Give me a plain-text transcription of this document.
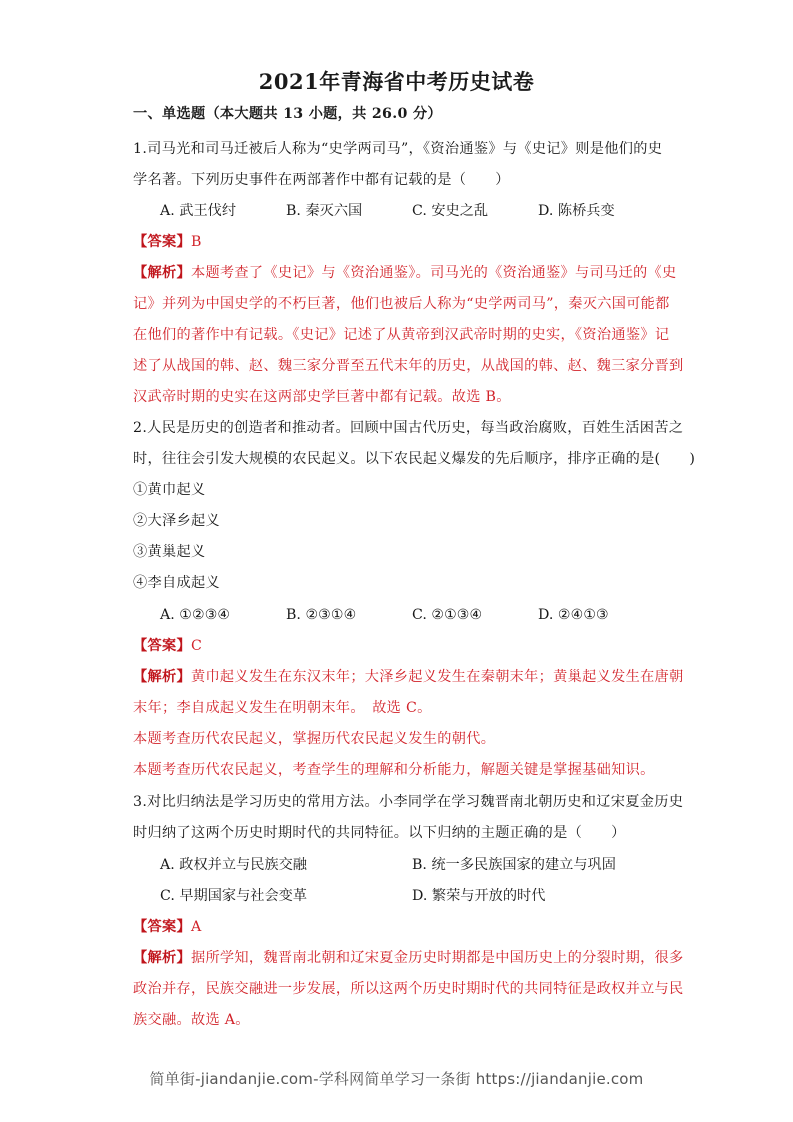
2021年青海省中考历史试卷
一、单选题（本大题共 13 小题，共 26.0 分）
1.司马光和司马迁被后人称为“史学两司马”，《资治通鉴》与《史记》则是他们的史
学名著。下列历史事件在两部著作中都有记载的是（　　）
A. 武王伐纣	B. 秦灭六国	C. 安史之乱	D. 陈桥兵变
【答案】B
【解析】本题考查了《史记》与《资治通鉴》。司马光的《资治通鉴》与司马迁的《史
记》并列为中国史学的不朽巨著，他们也被后人称为“史学两司马”，秦灭六国可能都
在他们的著作中有记载。《史记》记述了从黄帝到汉武帝时期的史实，《资治通鉴》记
述了从战国的韩、赵、魏三家分晋至五代末年的历史，从战国的韩、赵、魏三家分晋到
汉武帝时期的史实在这两部史学巨著中都有记载。故选 B。
2.人民是历史的创造者和推动者。回顾中国古代历史，每当政治腐败，百姓生活困苦之
时，往往会引发大规模的农民起义。以下农民起义爆发的先后顺序，排序正确的是(　　)
①黄巾起义
②大泽乡起义
③黄巢起义
④李自成起义
A. ①②③④	B. ②③①④	C. ②①③④	D. ②④①③
【答案】C
【解析】黄巾起义发生在东汉末年；大泽乡起义发生在秦朝末年；黄巢起义发生在唐朝
末年；李自成起义发生在明朝末年。　故选 C。
本题考查历代农民起义，掌握历代农民起义发生的朝代。
本题考查历代农民起义，考查学生的理解和分析能力，解题关键是掌握基础知识。
3.对比归纳法是学习历史的常用方法。小李同学在学习魏晋南北朝历史和辽宋夏金历史
时归纳了这两个历史时期时代的共同特征。以下归纳的主题正确的是（　　）
A. 政权并立与民族交融	B. 统一多民族国家的建立与巩固
C. 早期国家与社会变革	D. 繁荣与开放的时代
【答案】A
【解析】据所学知，魏晋南北朝和辽宋夏金历史时期都是中国历史上的分裂时期，很多
政治并存，民族交融进一步发展，所以这两个历史时期时代的共同特征是政权并立与民
族交融。故选 A。
简单街-jiandanjie.com-学科网简单学习一条街 https://jiandanjie.com
